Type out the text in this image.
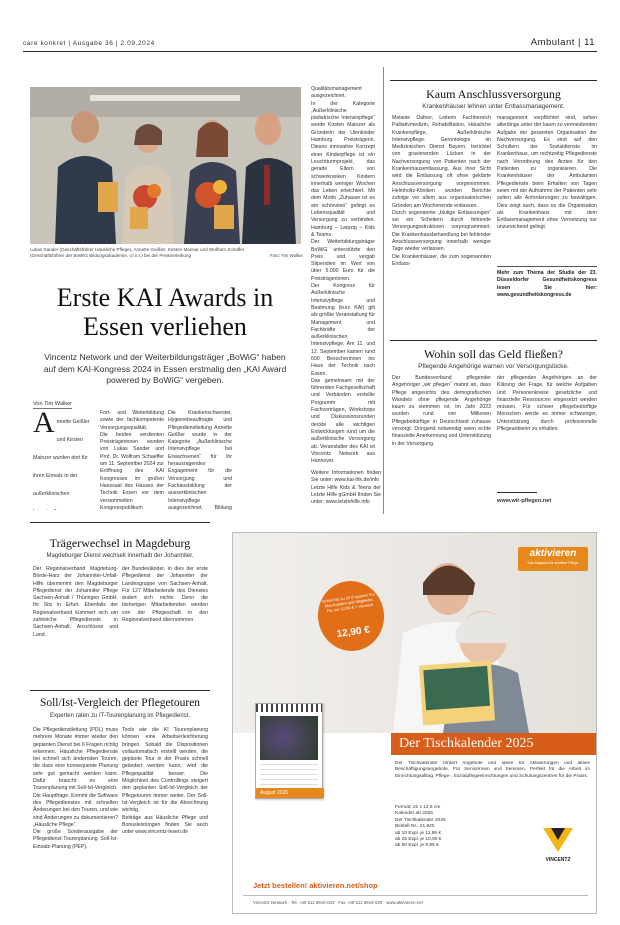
care konkret | Ausgabe 36 | 2.09.2024	Ambulant | 11
Lukas Sander (Geschäftsführer Häusliche Pflege), Annette Geißler, Kirsten Mansar und Wolfram Schaffer (Geschäftsführer der BoWiG Bildungsakademie, v.l.n.r.) bei der Preisverleihung	Foto: Tim Walker
Erste KAI Awards in
Essen verliehen
Vincentz Network und der Weiterbildungsträger „BoWiG“ haben auf dem KAI-Kongress 2024 in Essen erstmalig den „KAI Award powered by BoWiG“ vergeben.
Von Tim Walker
A nnette Geißler und Kirsten Mainzer wurden dort für ihren Einsatz in der außerklinischen
Fort- und Weiterbildung sowie der fachkompetente Versorgungsqualität.
Die beiden verdienten Preisträgerinnen wurden von Lukas Sander und Prof. Dr. Wolfram Schaeffer am 11. September 2024 zur Eröffnung des KAI Kongresses im großen Hanssaal des Hauses der Technik Essen vor dem versammelten Kongresspublikum
Die Krankenschwester, Hygienebeauftragte und Pflegedienstleitung Annette Geißler wurde in der Kategorie „Außerklinische Intensivpflege bei Erwachsenen“ für ihr herausragendes Engagement für die Versorgung und Fachausbildung der ausserklinischen Intensivpflege ausgezeichnet. Bildung
Qualitätsmanagement ausgezeichnet.
In der Kategorie „Außerklinische pädiatrische Intensivpflege“ wurde Kirsten Mainzer als Gründerin der Ulenkinder Hamburg Preisträgerin. Dieses innovative Konzept einer Kinderpflege ist ein Leuchtturmprojekt, das gerade Eltern von schwerkranken Kindern innerhalb weniger Wochen das Leben erleichtert. Mit dem Motto „Zuhause ist es am schönsten“ gelingt es Lebensqualität und Versorgung zu verbinden. Hamburg – Leipzig – Kids & Teams.
Der Weiterbildungsträger BoWiG unterstützte den Preis und vergab Stipendien im Wert von über 5.000 Euro für die Preisträgerinnen.
Der Kongress für Außerklinische Intensivpflege und Beatmung (kurz KAI) gilt als größte Veranstaltung für Management und Fachkräfte der außerklinischen Intensivpflege. Am 11. und 12. September kamen rund 600 Besucherinnen ins Haus der Technik nach Essen.
Das gemeinsam mit der führenden Fachgesellschaft und Verbänden erstellte Programm mit Fachvorträgen, Workshops und Diskussionsrunden deckte alle wichtigen Entwicklungen rund um die außerklinische Versorgung ab. Veranstalter des KAI ist Vincentz Network aus Hannover.
Weitere Informationen finden Sie unter: www.kai-ihk.de/info
Letzte Hilfe Kids & Teens der Letzte Hilfe gGmbH finden Sie unter: www.letztehilfe.info
Kaum Anschlussversorgung
Krankenhäuser lehnen unter Entlassmanagement.
Melanie Dafner, Leiterin Fachbereich Palliativmedizin, Rehabilitation, Häusliche Krankenpflege, Außerklinische Intensivpflege. Gerontologie im Medizinischen Dienst Bayern, berichtet von gravierenden Lücken in der Nachversorgung von Patienten nach der Krankenhausentlassung. Aus ihrer Sicht wird die Entlassung oft ohne geklärte Anschlussversorgung vorgenommen. Helmholtz-Kliniken wurden Berichte zufolge vor allem aus organisatorischen Gründen am Wochenende entlassen.
Durch sogenannte „blutige Entlassungen“ sei ein Scheitern durch fehlende Versorgungsstrukturen vorprogrammiert. Die Krankenhausbehandlung bei fehlender Anschlussversorgung innerhalb weniger Tage wieder verlassen.
Die Krankenhäuser, die zum sogenannten Entlass-
management verpflichtet sind, sehen allerdings unter der kaum zu vermeidenden Aufgabe der gesamten Organisation der Nachversorgung. Es sind auf den Schultern der Sozialdienste im Krankenhaus, um rechtzeitig Pflegedienste nach Verordnung des Arztes für den Patienten zu organisieren. Die Krankenhäuser der Ambulanten Pflegedienste beim Erhalten von Tagen seien mit der Aufnahme der Patienten sehr selten alle Anforderungen zu bewältigen. Dies zeigt auch, dass es die Organisation als Krankenhaus mit dem Entlassmanagement ohne Vernetzung nur unzureichend gelingt.
Mehr zum Thema der Studie der 23. Düsseldorfer Gesundheitskongress lesen Sie hier: www.gesundheitskongress.de
Wohin soll das Geld fließen?
Pflegende Angehörige warnen vor Versorgungslücke.
Der Bundesverband pflegender Angehöriger „wir pflegen“ mahnt an, dass Pflege angesichts des demografischen Wandels ohne pflegende Angehörige kaum zu stemmen ist. Im Jahr 2023 wurden rund vier Millionen Pflegebedürftige in Deutschland zuhause versorgt. Dringend notwendig seien echte finanzielle Anerkennung und Unterstützung in der Versorgung.
der pflegenden Angehörigen an der Klärung der Frage, für welche Aufgaben und Personenkreise gesetzliche und finanzielle Ressourcen eingesetzt werden müssen. Für schwer pflegebedürftige Menschen werde es immer schwieriger, Unterstützung durch professionelle Pflegeanbieter zu erhalten.
www.wir-pflegen.net
Trägerwechsel in Magdeburg
Magdeburger Dienst wechselt innerhalb der Johanniter.
Der Regionalverband Magdeburg-Börde-Harz der Johanniter-Unfall-Hilfe übernimmt den Magdeburger Pflegedienst der Johanniter Pflege Sachsen-Anhalt / Thüringen GmbH. Ihr Sitz in Erfurt. Ebenfalls der Regionalverband kümmert sich um zahlreiche Pflegedienste in Sachsen-Anhalt, Anschlüsse und Land.
der Bundesländer, in dies der erste Pflegedienst der Johanniter der Landesgruppe von Sachsen-Anhalt. Für 127 Mitarbeitende des Dienstes ändert sich nichts. Denn die bisherigen Mitarbeitenden werden von der Pflegeschaft in den Regionalverband übernommen.
Soll/Ist-Vergleich der Pflegetouren
Experten raten zu IT-Tourenplanung im Pflegedienst.
Die Pflegedienstleitung (PDL) muss mehrere Monate immer wieder den geplanten Dienst bei 6 Fragen richtig erkennen. Häusliche Pflegedienste bei schnell sich ändernden Touren, die dass eine konsequente Planung sehr gut gemacht werden kann. Dafür braucht es eine Tourenplanung mit Soll-Ist-Vergleich.
Die Hauptfrage: Kommt die Software des Pflegedienstes mit schnellen Änderungen bei den Touren, und wie sind Änderungen zu dokumentieren? „Häusliche Pflege“.
Die große Sonderausgabe der Pflegedienst-Tourenplanung Soll-Ist-Einsatz-Planung (PEP).
Tools wie die KI Tourenplanung können eine Arbeitserleichterung bringen. Sobald die Dispositionen vollautomatisch erstellt werden, die geplante Tour in der Praxis schnell geändert werden kann, wird die Pflegequalität besser. Die Möglichkeit des Controllings steigert den geplanten Soll-Ist-Vergleich der Pflegetouren immer weiter. Der Soll-Ist-Vergleich ist für die Abrechnung wichtig.
Beiträge aus Häusliche Pflege und Bonusleistungen finden Sie auch unter www.vincentz-lesen.de
aktivieren
Das Magazin für kreative Pflege
Schon bis zu 25 € sparen! Für Abo-Kunden und Mitglieder. Für nur 12,90 € + Versand
12,90 €
August 2025
Der Tischkalender 2025
Der Tischkalender fördert Angebote und Ideen für Aktivierungen und aktive Beschäftigungsangebote. Für Seniorinnen und Senioren. Perfekt für die Arbeit im Einrichtungsalltag, Pflege-, Sozialpflegeeinrichtungen und Schulungszentren für die Praxis.
Format: 21 x 14,8 cm
Kalender ab 2025
Der Tischkalender 2025
Bestell-Nr.: 21.920
ab 10 Expl. je 11,95 €
ab 25 Expl. je 10,90 €
ab 50 Expl. je 9,95 €
VINCENTZ
Jetzt bestellen! aktivieren.net/shop
Vincentz Network · Tel. +49 511 9910-033 · Fax +49 511 9910-029 · www.aktivieren.net
